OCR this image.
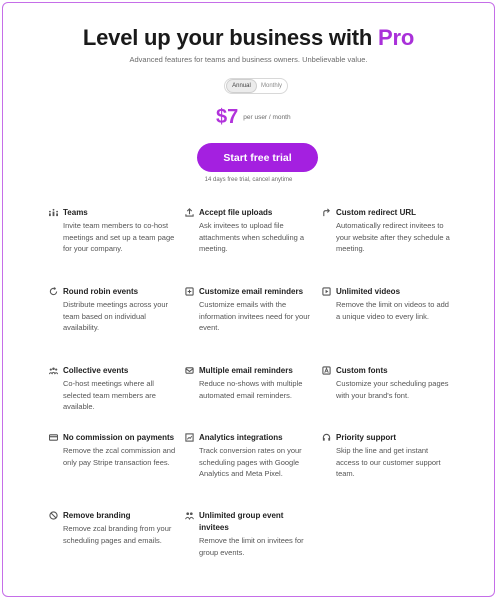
Level up your business with Pro
Advanced features for teams and business owners. Unbelievable value.
Annual	Monthly
$7 per user / month
Start free trial
14 days free trial, cancel anytime
Teams
Invite team members to co-host meetings and set up a team page for your company.
Accept file uploads
Ask invitees to upload file attachments when scheduling a meeting.
Custom redirect URL
Automatically redirect invitees to your website after they schedule a meeting.
Round robin events
Distribute meetings across your team based on individual availability.
Customize email reminders
Customize emails with the information invitees need for your event.
Unlimited videos
Remove the limit on videos to add a unique video to every link.
Collective events
Co-host meetings where all selected team members are available.
Multiple email reminders
Reduce no-shows with multiple automated email reminders.
Custom fonts
Customize your scheduling pages with your brand's font.
No commission on payments
Remove the zcal commission and only pay Stripe transaction fees.
Analytics integrations
Track conversion rates on your scheduling pages with Google Analytics and Meta Pixel.
Priority support
Skip the line and get instant access to our customer support team.
Remove branding
Remove zcal branding from your scheduling pages and emails.
Unlimited group event invitees
Remove the limit on invitees for group events.
